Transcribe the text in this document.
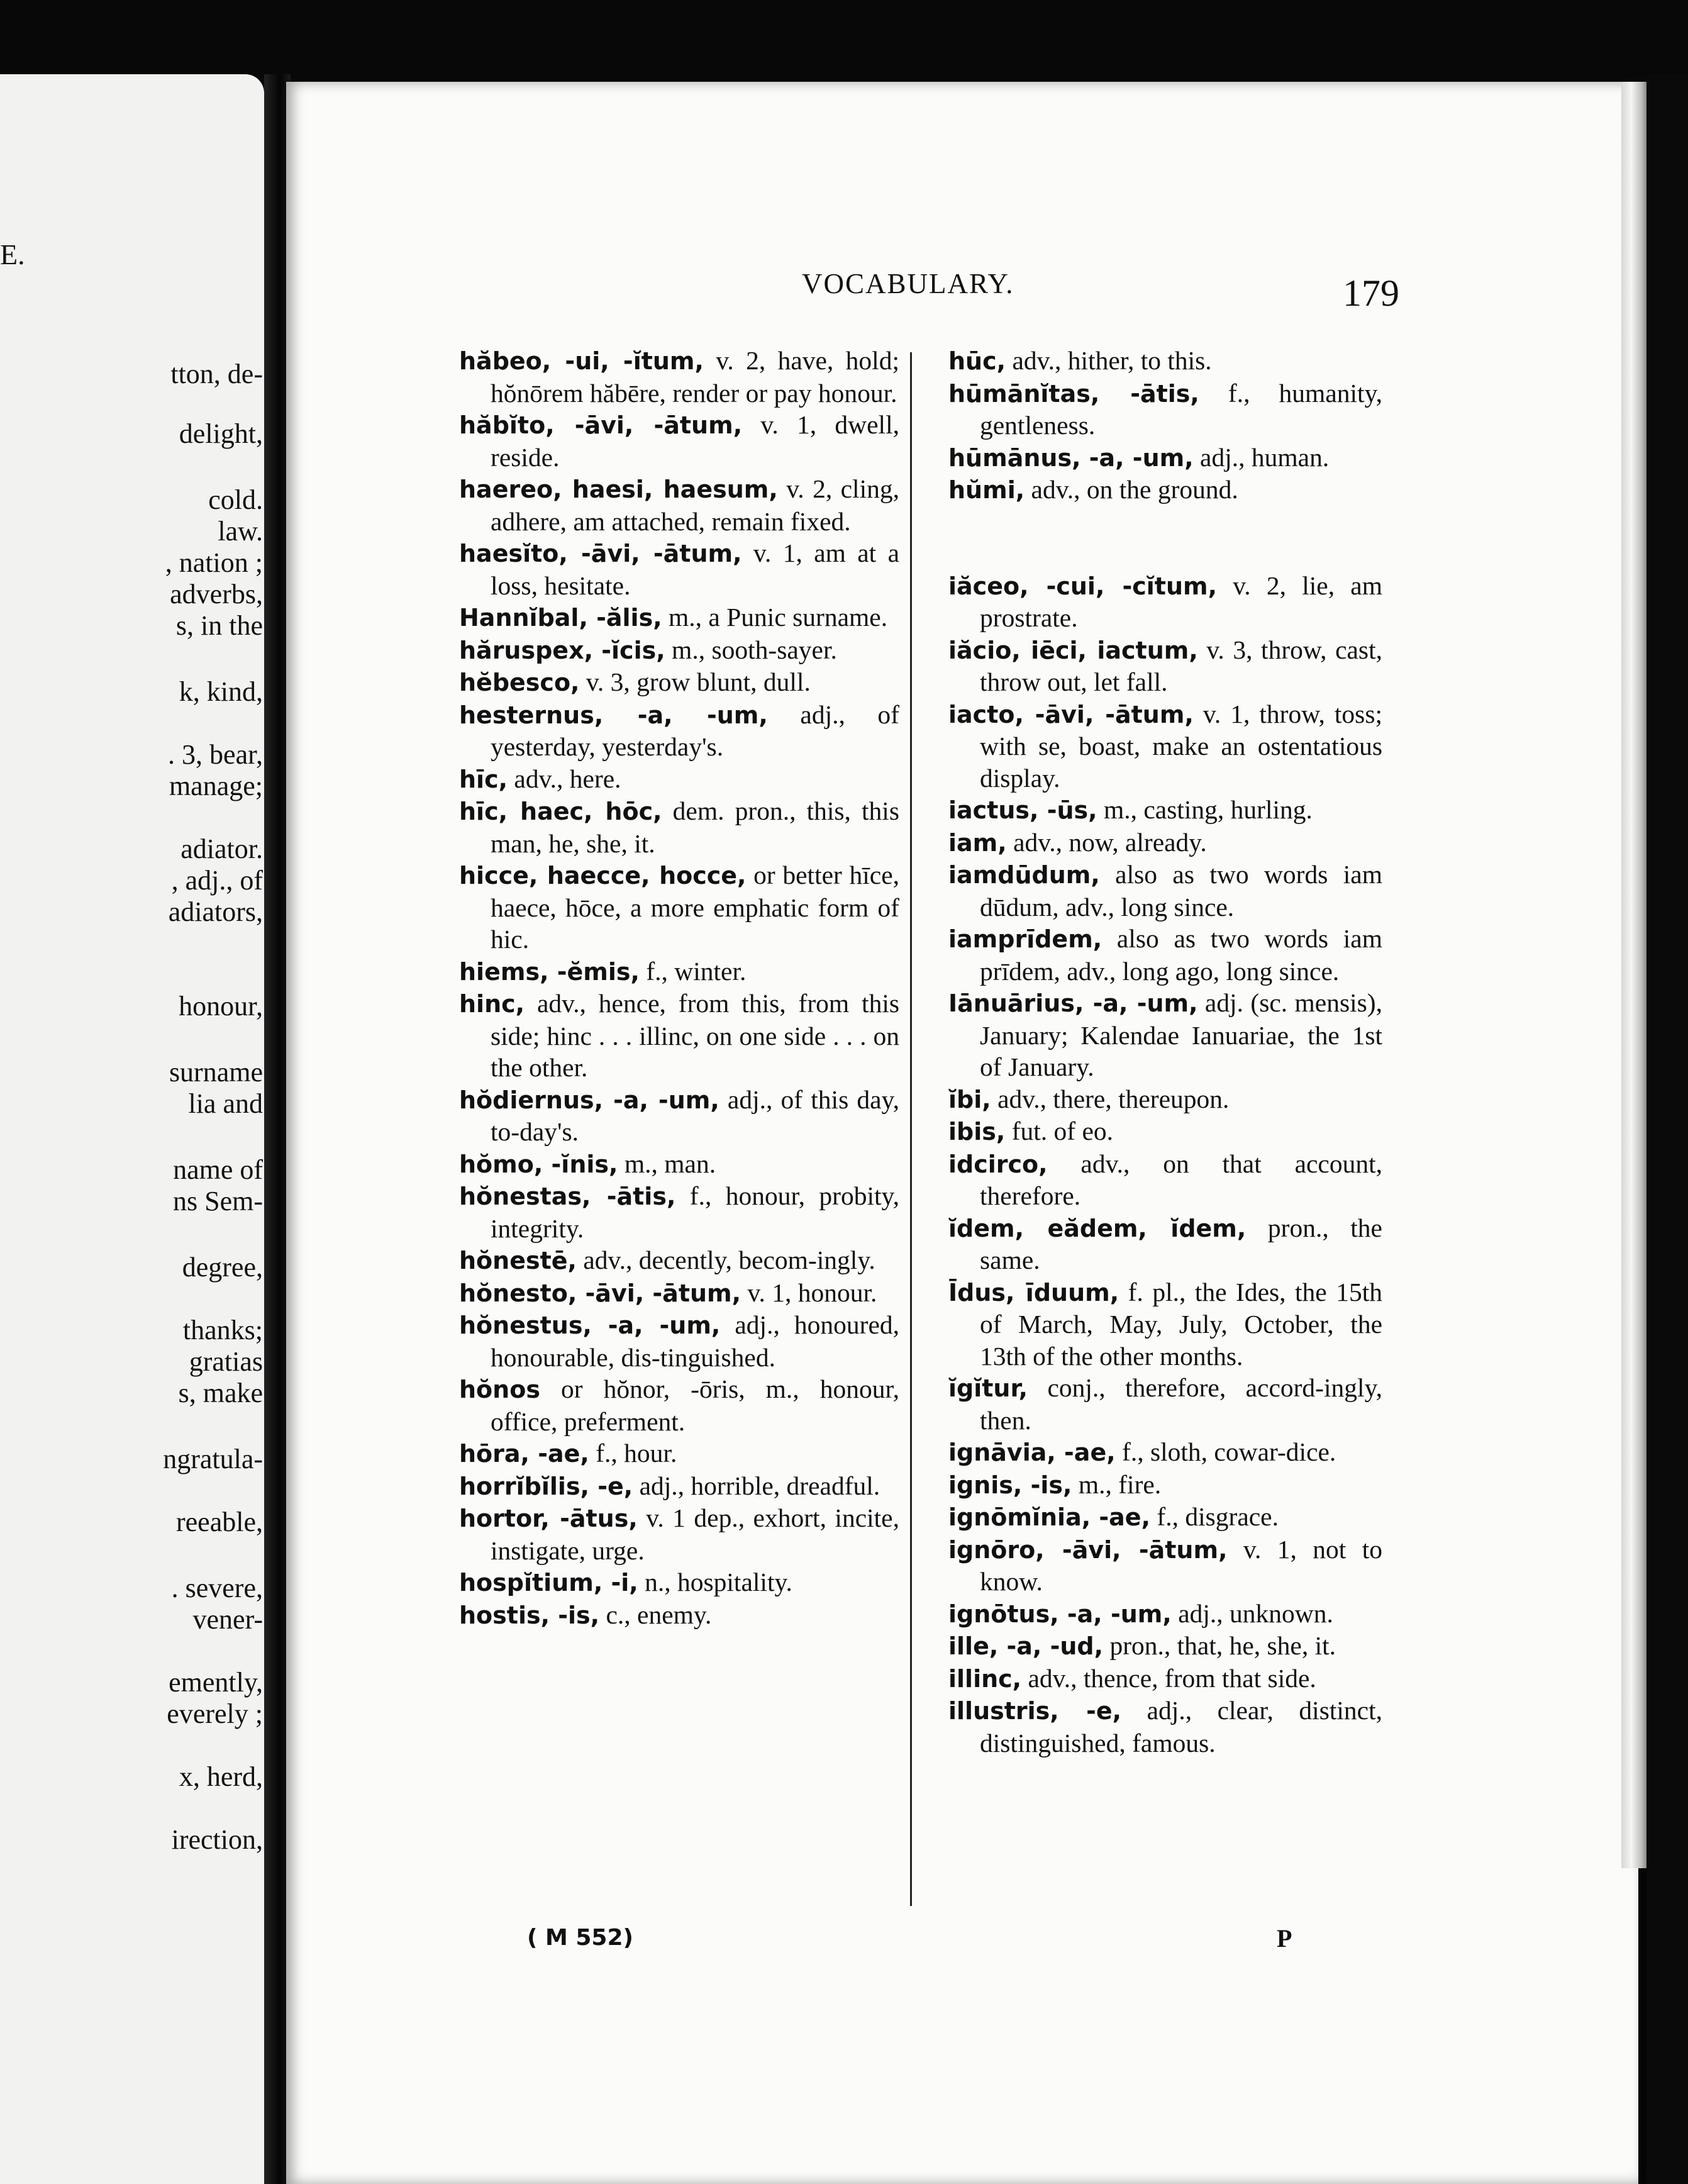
E.
tton, de-
delight,
cold.
law.
, nation ;
adverbs,
s, in the
k, kind,
. 3, bear,
manage;
adiator.
, adj., of
adiators,
honour,
surname
lia and
name of
ns Sem-
degree,
thanks;
gratias
s, make
ngratula-
reeable,
. severe,
vener-
emently,
everely ;
x, herd,
irection,
VOCABULARY.	179

hăbeo, -ui, -ĭtum, v. 2, have, hold; hŏnōrem hăbēre, render or pay honour.

hăbĭto, -āvi, -ātum, v. 1, dwell, reside.

haereo, haesi, haesum, v. 2, cling, adhere, am attached, remain fixed.

haesĭto, -āvi, -ātum, v. 1, am at a loss, hesitate.

Hannĭbal, -ălis, m., a Punic surname.

hăruspex, -ĭcis, m., sooth-sayer.

hĕbesco, v. 3, grow blunt, dull.

hesternus, -a, -um, adj., of yesterday, yesterday's.

hīc, adv., here.

hīc, haec, hōc, dem. pron., this, this man, he, she, it.

hicce, haecce, hocce, or better hīce, haece, hōce, a more emphatic form of hic.

hiems, -ĕmis, f., winter.

hinc, adv., hence, from this, from this side; hinc . . . illinc, on one side . . . on the other.

hŏdiernus, -a, -um, adj., of this day, to-day's.

hŏmo, -ĭnis, m., man.

hŏnestas, -ātis, f., honour, probity, integrity.

hŏnestē, adv., decently, becom-ingly.

hŏnesto, -āvi, -ātum, v. 1, honour.

hŏnestus, -a, -um, adj., honoured, honourable, dis-tinguished.

hŏnos or hŏnor, -ōris, m., honour, office, preferment.

hōra, -ae, f., hour.

horrĭbĭlis, -e, adj., horrible, dreadful.

hortor, -ātus, v. 1 dep., exhort, incite, instigate, urge.

hospĭtium, -i, n., hospitality.

hostis, -is, c., enemy.

hūc, adv., hither, to this.

hūmānĭtas, -ātis, f., humanity, gentleness.

hūmānus, -a, -um, adj., human.

hŭmi, adv., on the ground.

iăceo, -cui, -cĭtum, v. 2, lie, am prostrate.

iăcio, iēci, iactum, v. 3, throw, cast, throw out, let fall.

iacto, -āvi, -ātum, v. 1, throw, toss; with se, boast, make an ostentatious display.

iactus, -ūs, m., casting, hurling.

iam, adv., now, already.

iamdūdum, also as two words iam dūdum, adv., long since.

iamprīdem, also as two words iam prīdem, adv., long ago, long since.

Iānuārius, -a, -um, adj. (sc. mensis), January; Kalendae Ianuariae, the 1st of January.

ĭbi, adv., there, thereupon.

ibis, fut. of eo.

idcirco, adv., on that account, therefore.

ĭdem, eădem, ĭdem, pron., the same.

Īdus, īduum, f. pl., the Ides, the 15th of March, May, July, October, the 13th of the other months.

ĭgĭtur, conj., therefore, accord-ingly, then.

ignāvia, -ae, f., sloth, cowar-dice.

ignis, -is, m., fire.

ignōmĭnia, -ae, f., disgrace.

ignōro, -āvi, -ātum, v. 1, not to know.

ignōtus, -a, -um, adj., unknown.

ille, -a, -ud, pron., that, he, she, it.

illinc, adv., thence, from that side.

illustris, -e, adj., clear, distinct, distinguished, famous.

( M 552)	P
